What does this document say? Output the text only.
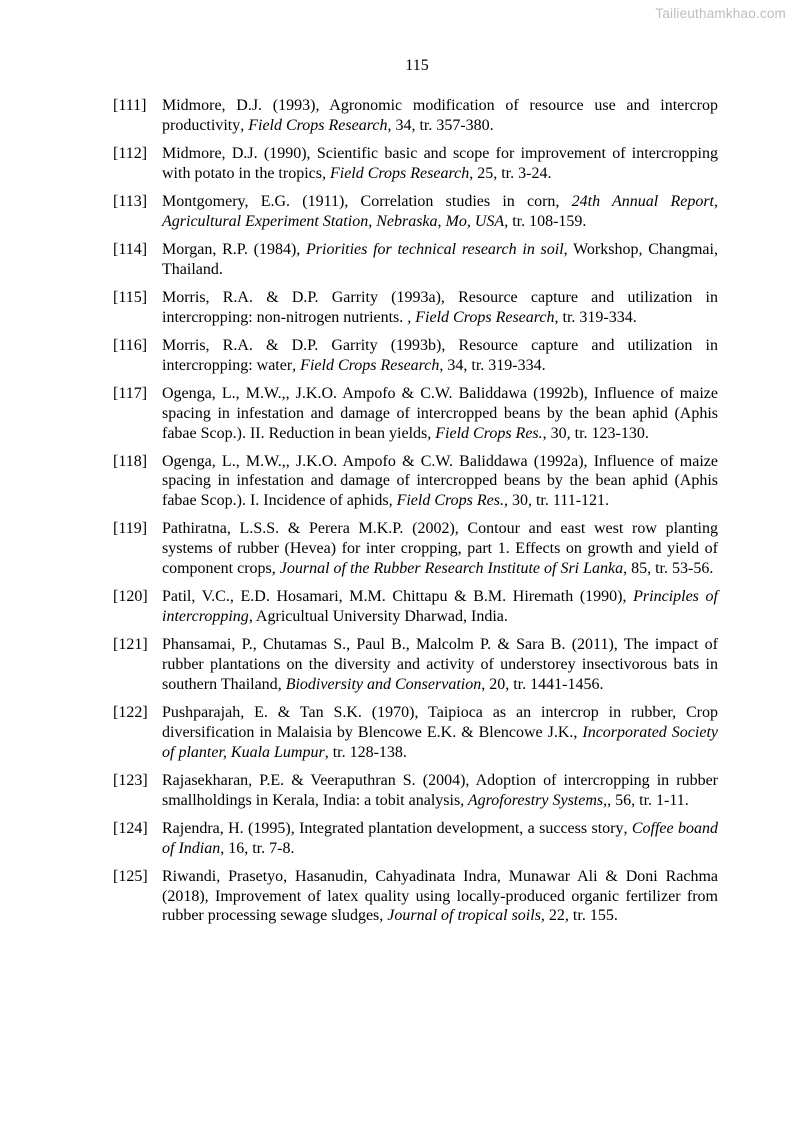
Tailieuthamkhao.com
115
[111] Midmore, D.J. (1993), Agronomic modification of resource use and intercrop productivity, Field Crops Research, 34, tr. 357-380.
[112] Midmore, D.J. (1990), Scientific basic and scope for improvement of intercropping with potato in the tropics, Field Crops Research, 25, tr. 3-24.
[113] Montgomery, E.G. (1911), Correlation studies in corn, 24th Annual Report, Agricultural Experiment Station, Nebraska, Mo, USA, tr. 108-159.
[114] Morgan, R.P. (1984), Priorities for technical research in soil, Workshop, Changmai, Thailand.
[115] Morris, R.A. & D.P. Garrity (1993a), Resource capture and utilization in intercropping: non-nitrogen nutrients. , Field Crops Research, tr. 319-334.
[116] Morris, R.A. & D.P. Garrity (1993b), Resource capture and utilization in intercropping: water, Field Crops Research, 34, tr. 319-334.
[117] Ogenga, L., M.W.,, J.K.O. Ampofo & C.W. Baliddawa (1992b), Influence of maize spacing in infestation and damage of intercropped beans by the bean aphid (Aphis fabae Scop.). II. Reduction in bean yields, Field Crops Res., 30, tr. 123-130.
[118] Ogenga, L., M.W.,, J.K.O. Ampofo & C.W. Baliddawa (1992a), Influence of maize spacing in infestation and damage of intercropped beans by the bean aphid (Aphis fabae Scop.). I. Incidence of aphids, Field Crops Res., 30, tr. 111-121.
[119] Pathiratna, L.S.S. & Perera M.K.P. (2002), Contour and east west row planting systems of rubber (Hevea) for inter cropping, part 1. Effects on growth and yield of component crops, Journal of the Rubber Research Institute of Sri Lanka, 85, tr. 53-56.
[120] Patil, V.C., E.D. Hosamari, M.M. Chittapu & B.M. Hiremath (1990), Principles of intercropping, Agricultual University Dharwad, India.
[121] Phansamai, P., Chutamas S., Paul B., Malcolm P. & Sara B. (2011), The impact of rubber plantations on the diversity and activity of understorey insectivorous bats in southern Thailand, Biodiversity and Conservation, 20, tr. 1441-1456.
[122] Pushparajah, E. & Tan S.K. (1970), Taipioca as an intercrop in rubber, Crop diversification in Malaisia by Blencowe E.K. & Blencowe J.K., Incorporated Society of planter, Kuala Lumpur, tr. 128-138.
[123] Rajasekharan, P.E. & Veeraputhran S. (2004), Adoption of intercropping in rubber smallholdings in Kerala, India: a tobit analysis, Agroforestry Systems,, 56, tr. 1-11.
[124] Rajendra, H. (1995), Integrated plantation development, a success story, Coffee boand of Indian, 16, tr. 7-8.
[125] Riwandi, Prasetyo, Hasanudin, Cahyadinata Indra, Munawar Ali & Doni Rachma (2018), Improvement of latex quality using locally-produced organic fertilizer from rubber processing sewage sludges, Journal of tropical soils, 22, tr. 155.
